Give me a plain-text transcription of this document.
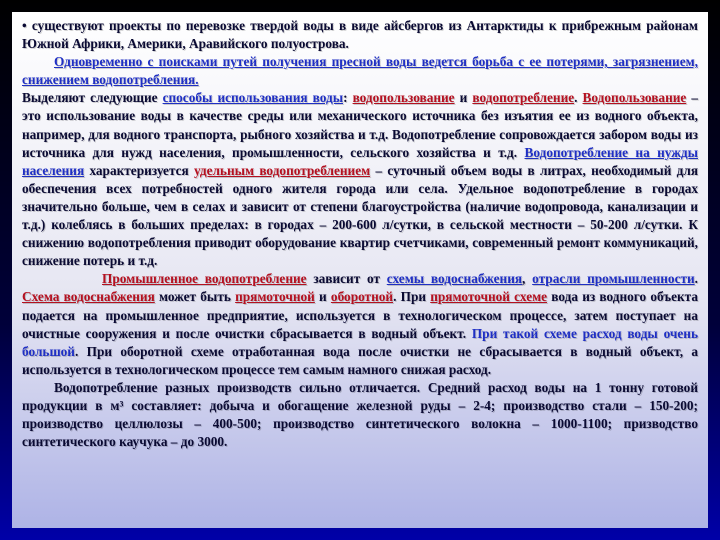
• существуют проекты по перевозке твердой воды в виде айсбергов из Антарктиды к прибрежным районам Южной Африки, Америки, Аравийского полуострова.

Одновременно с поисками путей получения пресной воды ведется борьба с ее потерями, загрязнением, снижением водопотребления.

Выделяют следующие способы использования воды: водопользование и водопотребление. Водопользование – это использование воды в качестве среды или механического источника без изъятия ее из водного объекта, например, для водного транспорта, рыбного хозяйства и т.д. Водопотребление сопровождается забором воды из источника для нужд населения, промышленности, сельского хозяйства и т.д. Водопотребление на нужды населения характеризуется удельным водопотреблением – суточный объем воды в литрах, необходимый для обеспечения всех потребностей одного жителя города или села. Удельное водопотребление в городах значительно больше, чем в селах и зависит от степени благоустройства (наличие водопровода, канализации и т.д.) колеблясь в больших пределах: в городах – 200-600 л/сутки, в сельской местности – 50-200 л/сутки. К снижению водопотребления приводит оборудование квартир счетчиками, современный ремонт коммуникаций, снижение потерь и т.д.

Промышленное водопотребление зависит от схемы водоснабжения, отрасли промышленности. Схема водоснабжения может быть прямоточной и оборотной. При прямоточной схеме вода из водного объекта подается на промышленное предприятие, используется в технологическом процессе, затем поступает на очистные сооружения и после очистки сбрасывается в водный объект. При такой схеме расход воды очень большой. При оборотной схеме отработанная вода после очистки не сбрасывается в водный объект, а используется в технологическом процессе тем самым намного снижая расход.

Водопотребление разных производств сильно отличается. Средний расход воды на 1 тонну готовой продукции в м³ составляет: добыча и обогащение железной руды – 2-4; производство стали – 150-200; производство целлюлозы – 400-500; производство синтетического волокна – 1000-1100; призводство синтетического каучука – до 3000.
